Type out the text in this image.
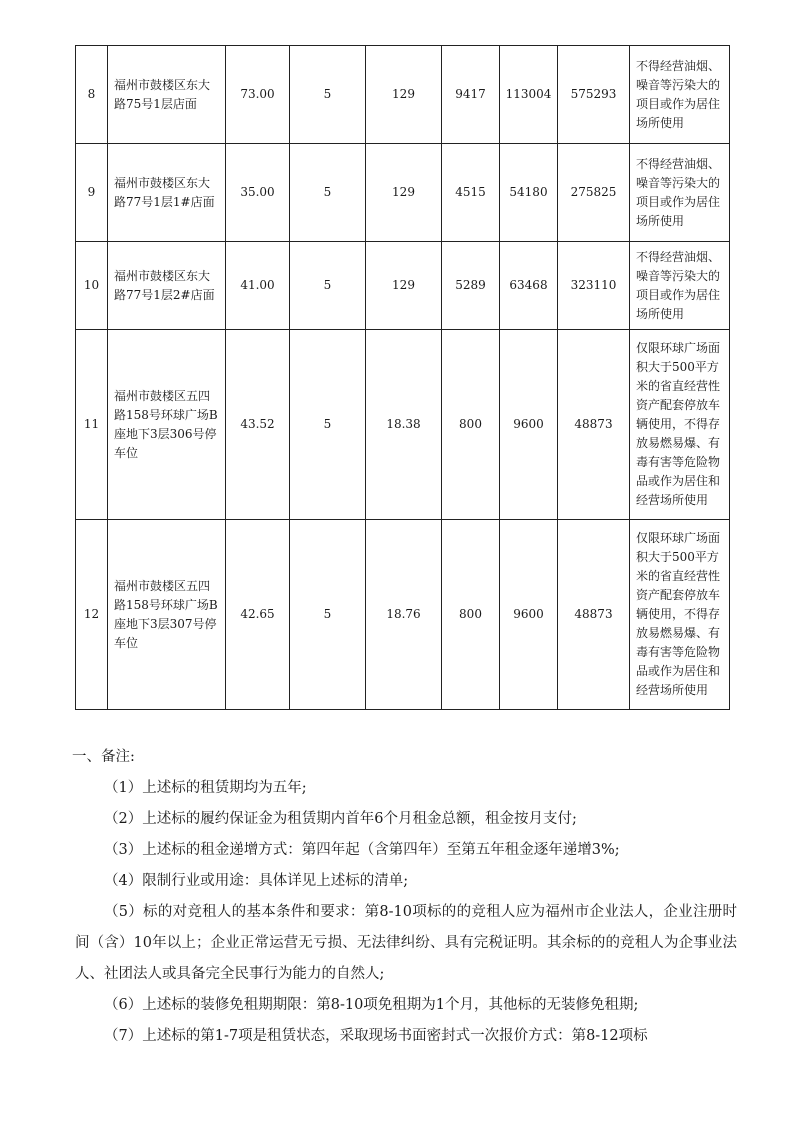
8	福州市鼓楼区东大路75号1层店面	73.00	5	129	9417	113004	575293	不得经营油烟、噪音等污染大的项目或作为居住场所使用	
9	福州市鼓楼区东大路77号1层1#店面	35.00	5	129	4515	54180	275825	不得经营油烟、噪音等污染大的项目或作为居住场所使用	
10	福州市鼓楼区东大路77号1层2#店面	41.00	5	129	5289	63468	323110	不得经营油烟、噪音等污染大的项目或作为居住场所使用	
11	福州市鼓楼区五四路158号环球广场B座地下3层306号停车位	43.52	5	18.38	800	9600	48873	仅限环球广场面积大于500平方米的省直经营性资产配套停放车辆使用，不得存放易燃易爆、有毒有害等危险物品或作为居住和经营场所使用	
12	福州市鼓楼区五四路158号环球广场B座地下3层307号停车位	42.65	5	18.76	800	9600	48873	仅限环球广场面积大于500平方米的省直经营性资产配套停放车辆使用，不得存放易燃易爆、有毒有害等危险物品或作为居住和经营场所使用	
一、备注:
（1）上述标的租赁期均为五年;
（2）上述标的履约保证金为租赁期内首年6个月租金总额，租金按月支付;
（3）上述标的租金递增方式：第四年起（含第四年）至第五年租金逐年递增3%;
（4）限制行业或用途：具体详见上述标的清单;
（5）标的对竞租人的基本条件和要求：第8-10项标的的竞租人应为福州市企业法人，企业注册时间（含）10年以上；企业正常运营无亏损、无法律纠纷、具有完税证明。其余标的的竞租人为企事业法人、社团法人或具备完全民事行为能力的自然人;
（6）上述标的装修免租期期限：第8-10项免租期为1个月，其他标的无装修免租期;
（7）上述标的第1-7项是租赁状态，采取现场书面密封式一次报价方式：第8-12项标
